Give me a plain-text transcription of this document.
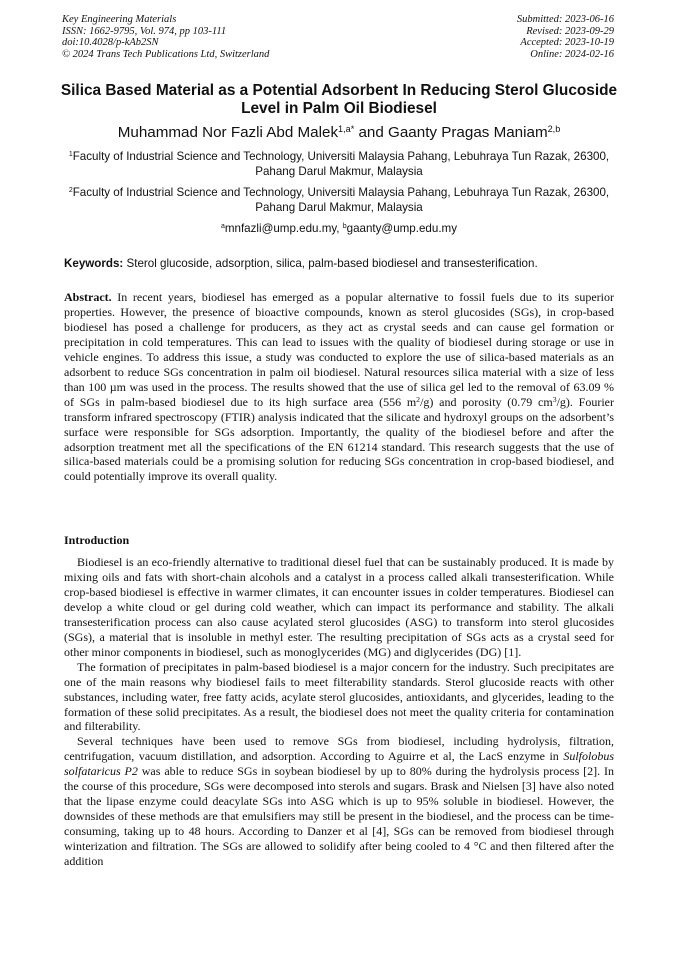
Key Engineering Materials
ISSN: 1662-9795, Vol. 974, pp 103-111
doi:10.4028/p-kAb2SN
© 2024 Trans Tech Publications Ltd, Switzerland
Submitted: 2023-06-16
Revised: 2023-09-29
Accepted: 2023-10-19
Online: 2024-02-16
Silica Based Material as a Potential Adsorbent In Reducing Sterol Glucoside Level in Palm Oil Biodiesel
Muhammad Nor Fazli Abd Malek$^{1,a*}$ and Gaanty Pragas Maniam$^{2,b}$
$^1$Faculty of Industrial Science and Technology, Universiti Malaysia Pahang, Lebuhraya Tun Razak, 26300, Pahang Darul Makmur, Malaysia
$^2$Faculty of Industrial Science and Technology, Universiti Malaysia Pahang, Lebuhraya Tun Razak, 26300, Pahang Darul Makmur, Malaysia
$^a$mnfazli@ump.edu.my, $^b$gaanty@ump.edu.my
Keywords: Sterol glucoside, adsorption, silica, palm-based biodiesel and transesterification.
Abstract. In recent years, biodiesel has emerged as a popular alternative to fossil fuels due to its superior properties. However, the presence of bioactive compounds, known as sterol glucosides (SGs), in crop-based biodiesel has posed a challenge for producers, as they act as crystal seeds and can cause gel formation or precipitation in cold temperatures. This can lead to issues with the quality of biodiesel during storage or use in vehicle engines. To address this issue, a study was conducted to explore the use of silica-based materials as an adsorbent to reduce SGs concentration in palm oil biodiesel. Natural resources silica material with a size of less than 100 µm was used in the process. The results showed that the use of silica gel led to the removal of 63.09 % of SGs in palm-based biodiesel due to its high surface area (556 $m^2/g$) and porosity (0.79 $cm^3/g$). Fourier transform infrared spectroscopy (FTIR) analysis indicated that the silicate and hydroxyl groups on the adsorbent’s surface were responsible for SGs adsorption. Importantly, the quality of the biodiesel before and after the adsorption treatment met all the specifications of the EN 61214 standard. This research suggests that the use of silica-based materials could be a promising solution for reducing SGs concentration in crop-based biodiesel, and could potentially improve its overall quality.
Introduction

Biodiesel is an eco-friendly alternative to traditional diesel fuel that can be sustainably produced. It is made by mixing oils and fats with short-chain alcohols and a catalyst in a process called alkali transesterification. While crop-based biodiesel is effective in warmer climates, it can encounter issues in colder temperatures. Biodiesel can develop a white cloud or gel during cold weather, which can impact its performance and stability. The alkali transesterification process can also cause acylated sterol glucosides (ASG) to transform into sterol glucosides (SGs), a material that is insoluble in methyl ester. The resulting precipitation of SGs acts as a crystal seed for other minor components in biodiesel, such as monoglycerides (MG) and diglycerides (DG) [1].

The formation of precipitates in palm-based biodiesel is a major concern for the industry. Such precipitates are one of the main reasons why biodiesel fails to meet filterability standards. Sterol glucoside reacts with other substances, including water, free fatty acids, acylate sterol glucosides, antioxidants, and glycerides, leading to the formation of these solid precipitates. As a result, the biodiesel does not meet the quality criteria for contamination and filterability.

Several techniques have been used to remove SGs from biodiesel, including hydrolysis, filtration, centrifugation, vacuum distillation, and adsorption. According to Aguirre et al, the LacS enzyme in Sulfolobus solfataricus P2 was able to reduce SGs in soybean biodiesel by up to 80% during the hydrolysis process [2]. In the course of this procedure, SGs were decomposed into sterols and sugars. Brask and Nielsen [3] have also noted that the lipase enzyme could deacylate SGs into ASG which is up to 95% soluble in biodiesel. However, the downsides of these methods are that emulsifiers may still be present in the biodiesel, and the process can be time-consuming, taking up to 48 hours. According to Danzer et al [4], SGs can be removed from biodiesel through winterization and filtration. The SGs are allowed to solidify after being cooled to 4 °C and then filtered after the addition
